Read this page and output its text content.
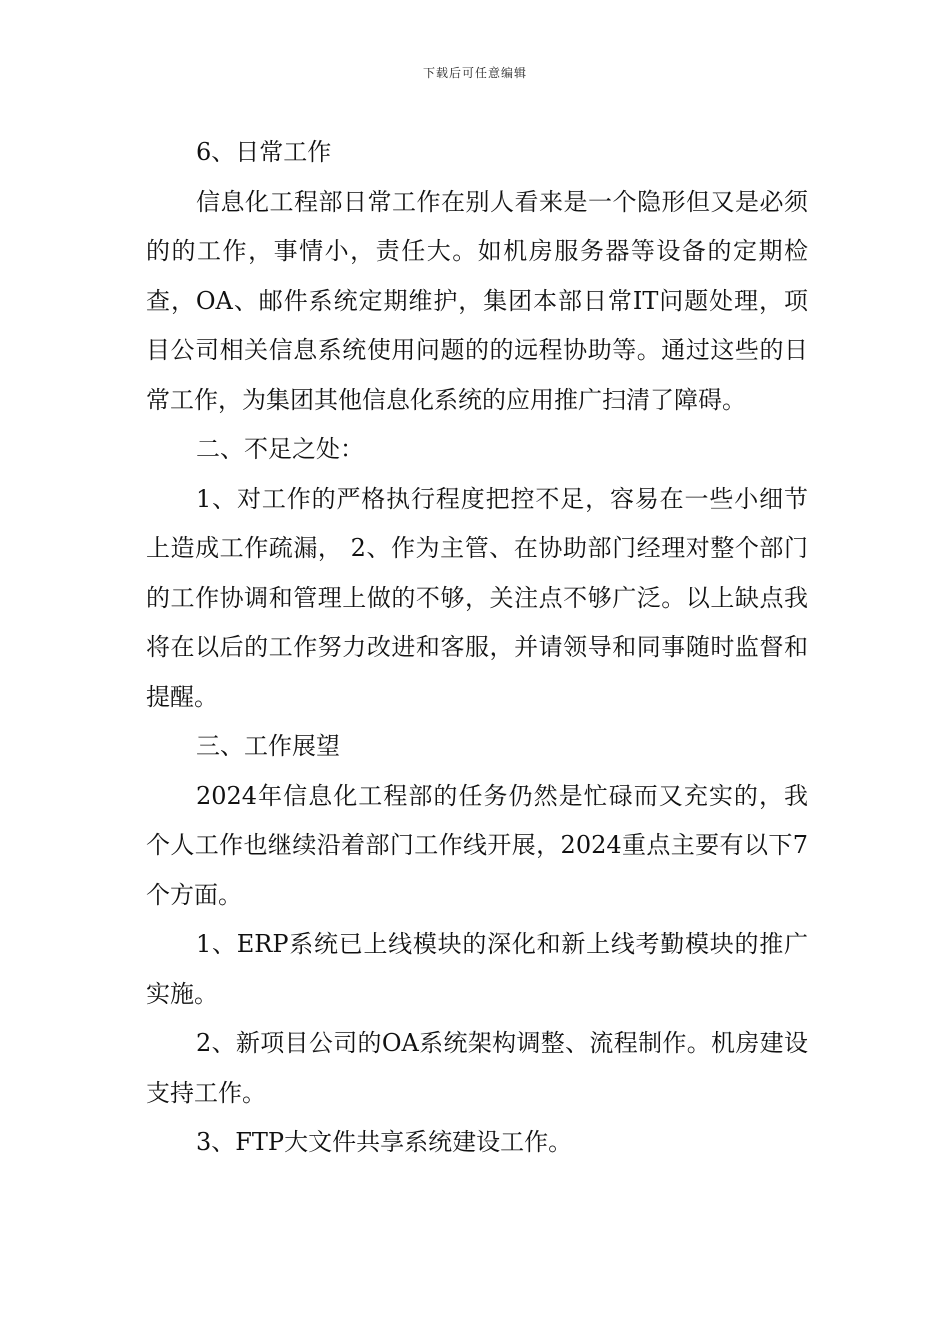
下载后可任意编辑

6、日常工作

信息化工程部日常工作在别人看来是一个隐形但又是必须的的工作，事情小，责任大。如机房服务器等设备的定期检查，OA、邮件系统定期维护，集团本部日常IT问题处理，项目公司相关信息系统使用问题的的远程协助等。通过这些的日常工作，为集团其他信息化系统的应用推广扫清了障碍。

二、不足之处：

1、对工作的严格执行程度把控不足，容易在一些小细节上造成工作疏漏， 2、作为主管、在协助部门经理对整个部门的工作协调和管理上做的不够，关注点不够广泛。以上缺点我将在以后的工作努力改进和客服，并请领导和同事随时监督和提醒。

三、工作展望

2024年信息化工程部的任务仍然是忙碌而又充实的，我个人工作也继续沿着部门工作线开展，2024重点主要有以下7个方面。

1、ERP系统已上线模块的深化和新上线考勤模块的推广实施。

2、新项目公司的OA系统架构调整、流程制作。机房建设支持工作。

3、FTP大文件共享系统建设工作。
